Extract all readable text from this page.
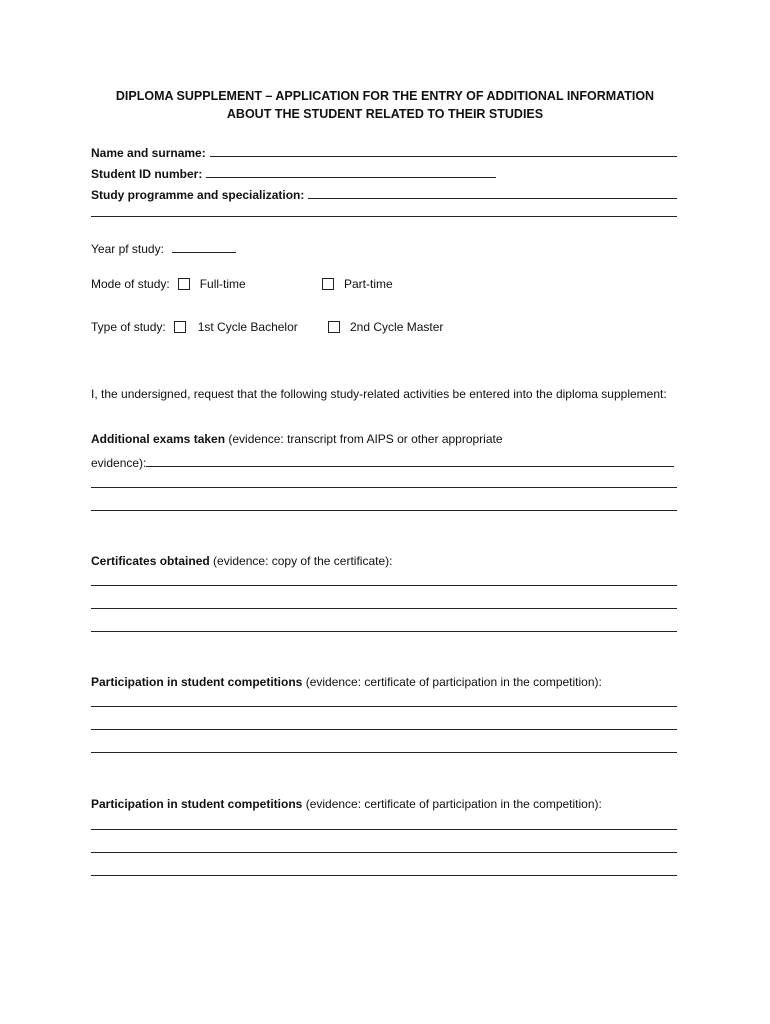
DIPLOMA SUPPLEMENT – APPLICATION FOR THE ENTRY OF ADDITIONAL INFORMATION
ABOUT THE STUDENT RELATED TO THEIR STUDIES
Name and surname:
Student ID number:
Study programme and specialization:
Year pf study:
Mode of study:	Full-time	Part-time
Type of study:	1st Cycle Bachelor	2nd Cycle Master
I, the undersigned, request that the following study-related activities be entered into the diploma supplement:
Additional exams taken (evidence: transcript from AIPS or other appropriate
evidence):
Certificates obtained (evidence: copy of the certificate):
Participation in student competitions (evidence: certificate of participation in the competition):
Participation in student competitions (evidence: certificate of participation in the competition):
